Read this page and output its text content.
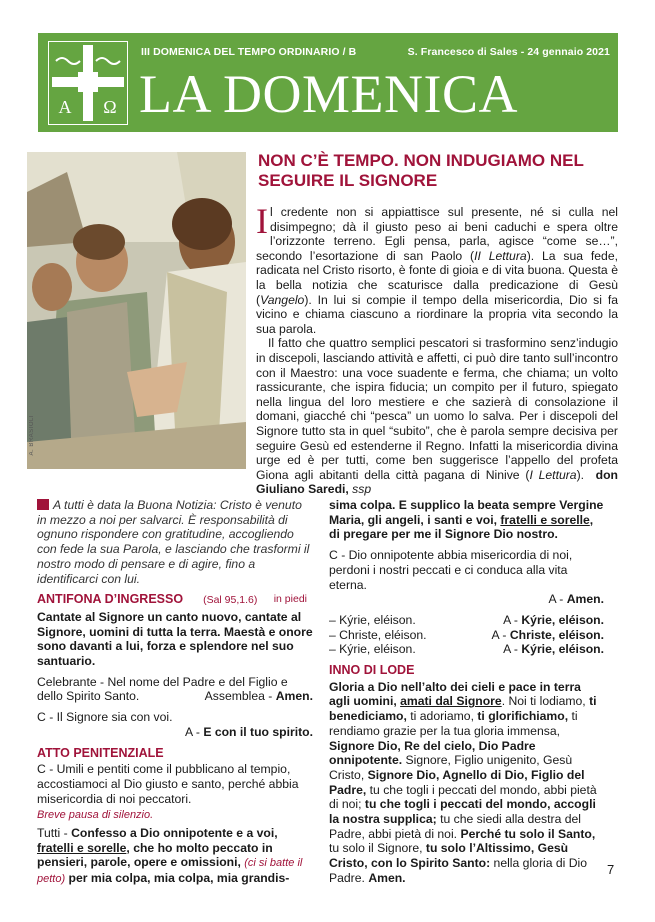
A Ω
III DOMENICA DEL TEMPO ORDINARIO / B	S. Francesco di Sales - 24 gennaio 2021
LA DOMENICA
A. BRASIOLI
NON C’È TEMPO. NON INDUGIAMO NEL SEGUIRE IL SIGNORE

Il credente non si appiattisce sul presente, né si culla nel disimpegno; dà il giusto peso ai beni caduchi e spera oltre l’orizzonte terreno. Egli pensa, parla, agisce “come se…”, secondo l’esortazione di san Paolo (II Lettura). La sua fede, radicata nel Cristo risorto, è fonte di gioia e di vita buona. Questa è la bella notizia che scaturisce dalla predicazione di Gesù (Vangelo). In lui si compie il tempo della misericordia, Dio si fa vicino e chiama ciascuno a riordinare la propria vita secondo la sua parola.

Il fatto che quattro semplici pescatori si trasformino senz’indugio in discepoli, lasciando attività e affetti, ci può dire tanto sull’incontro con il Maestro: una voce suadente e ferma, che chiama; un volto rassicurante, che ispira fiducia; un compito per il futuro, spiegato nella lingua del loro mestiere e che sazierà di consolazione il domani, giacché chi “pesca” un uomo lo salva. Per i discepoli del Signore tutto sta in quel “subito”, che è parola sempre decisiva per seguire Gesù ed estenderne il Regno. Infatti la misericordia divina urge ed è per tutti, come ben suggerisce l’appello del profeta Giona agli abitanti della città pagana di Ninive (I Lettura). don Giuliano Saredi, ssp

A tutti è data la Buona Notizia: Cristo è venuto in mezzo a noi per salvarci. È responsabilità di ognuno rispondere con gratitudine, accogliendo con fede la sua Parola, e lasciando che trasformi il nostro modo di pensare e di agire, fino a identificarci con lui.

ANTIFONA D’INGRESSO (Sal 95,1.6) in piedi

Cantate al Signore un canto nuovo, cantate al Signore, uomini di tutta la terra. Maestà e onore sono davanti a lui, forza e splendore nel suo santuario.

Celebrante - Nel nome del Padre e del Figlio e dello Spirito Santo.	Assemblea - Amen.

C - Il Signore sia con voi.

A - E con il tuo spirito.

ATTO PENITENZIALE

C - Umili e pentiti come il pubblicano al tempio, accostiamoci al Dio giusto e santo, perché abbia misericordia di noi peccatori.

Breve pausa di silenzio.

Tutti - Confesso a Dio onnipotente e a voi, fratelli e sorelle, che ho molto peccato in pensieri, parole, opere e omissioni, (ci si batte il petto) per mia colpa, mia colpa, mia grandis-

sima colpa. E supplico la beata sempre Vergine Maria, gli angeli, i santi e voi, fratelli e sorelle, di pregare per me il Signore Dio nostro.

C - Dio onnipotente abbia misericordia di noi, perdoni i nostri peccati e ci conduca alla vita eterna.

A - Amen.

– Kýrie, eléison.	A - Kýrie, eléison.
– Christe, eléison.	A - Christe, eléison.
– Kýrie, eléison.	A - Kýrie, eléison.
INNO DI LODE

Gloria a Dio nell’alto dei cieli e pace in terra agli uomini, amati dal Signore. Noi ti lodiamo, ti benediciamo, ti adoriamo, ti glorifichiamo, ti rendiamo grazie per la tua gloria immensa, Signore Dio, Re del cielo, Dio Padre onnipotente. Signore, Figlio unigenito, Gesù Cristo, Signore Dio, Agnello di Dio, Figlio del Padre, tu che togli i peccati del mondo, abbi pietà di noi; tu che togli i peccati del mondo, accogli la nostra supplica; tu che siedi alla destra del Padre, abbi pietà di noi. Perché tu solo il Santo, tu solo il Signore, tu solo l’Altissimo, Gesù Cristo, con lo Spirito Santo: nella gloria di Dio Padre. Amen.

7
